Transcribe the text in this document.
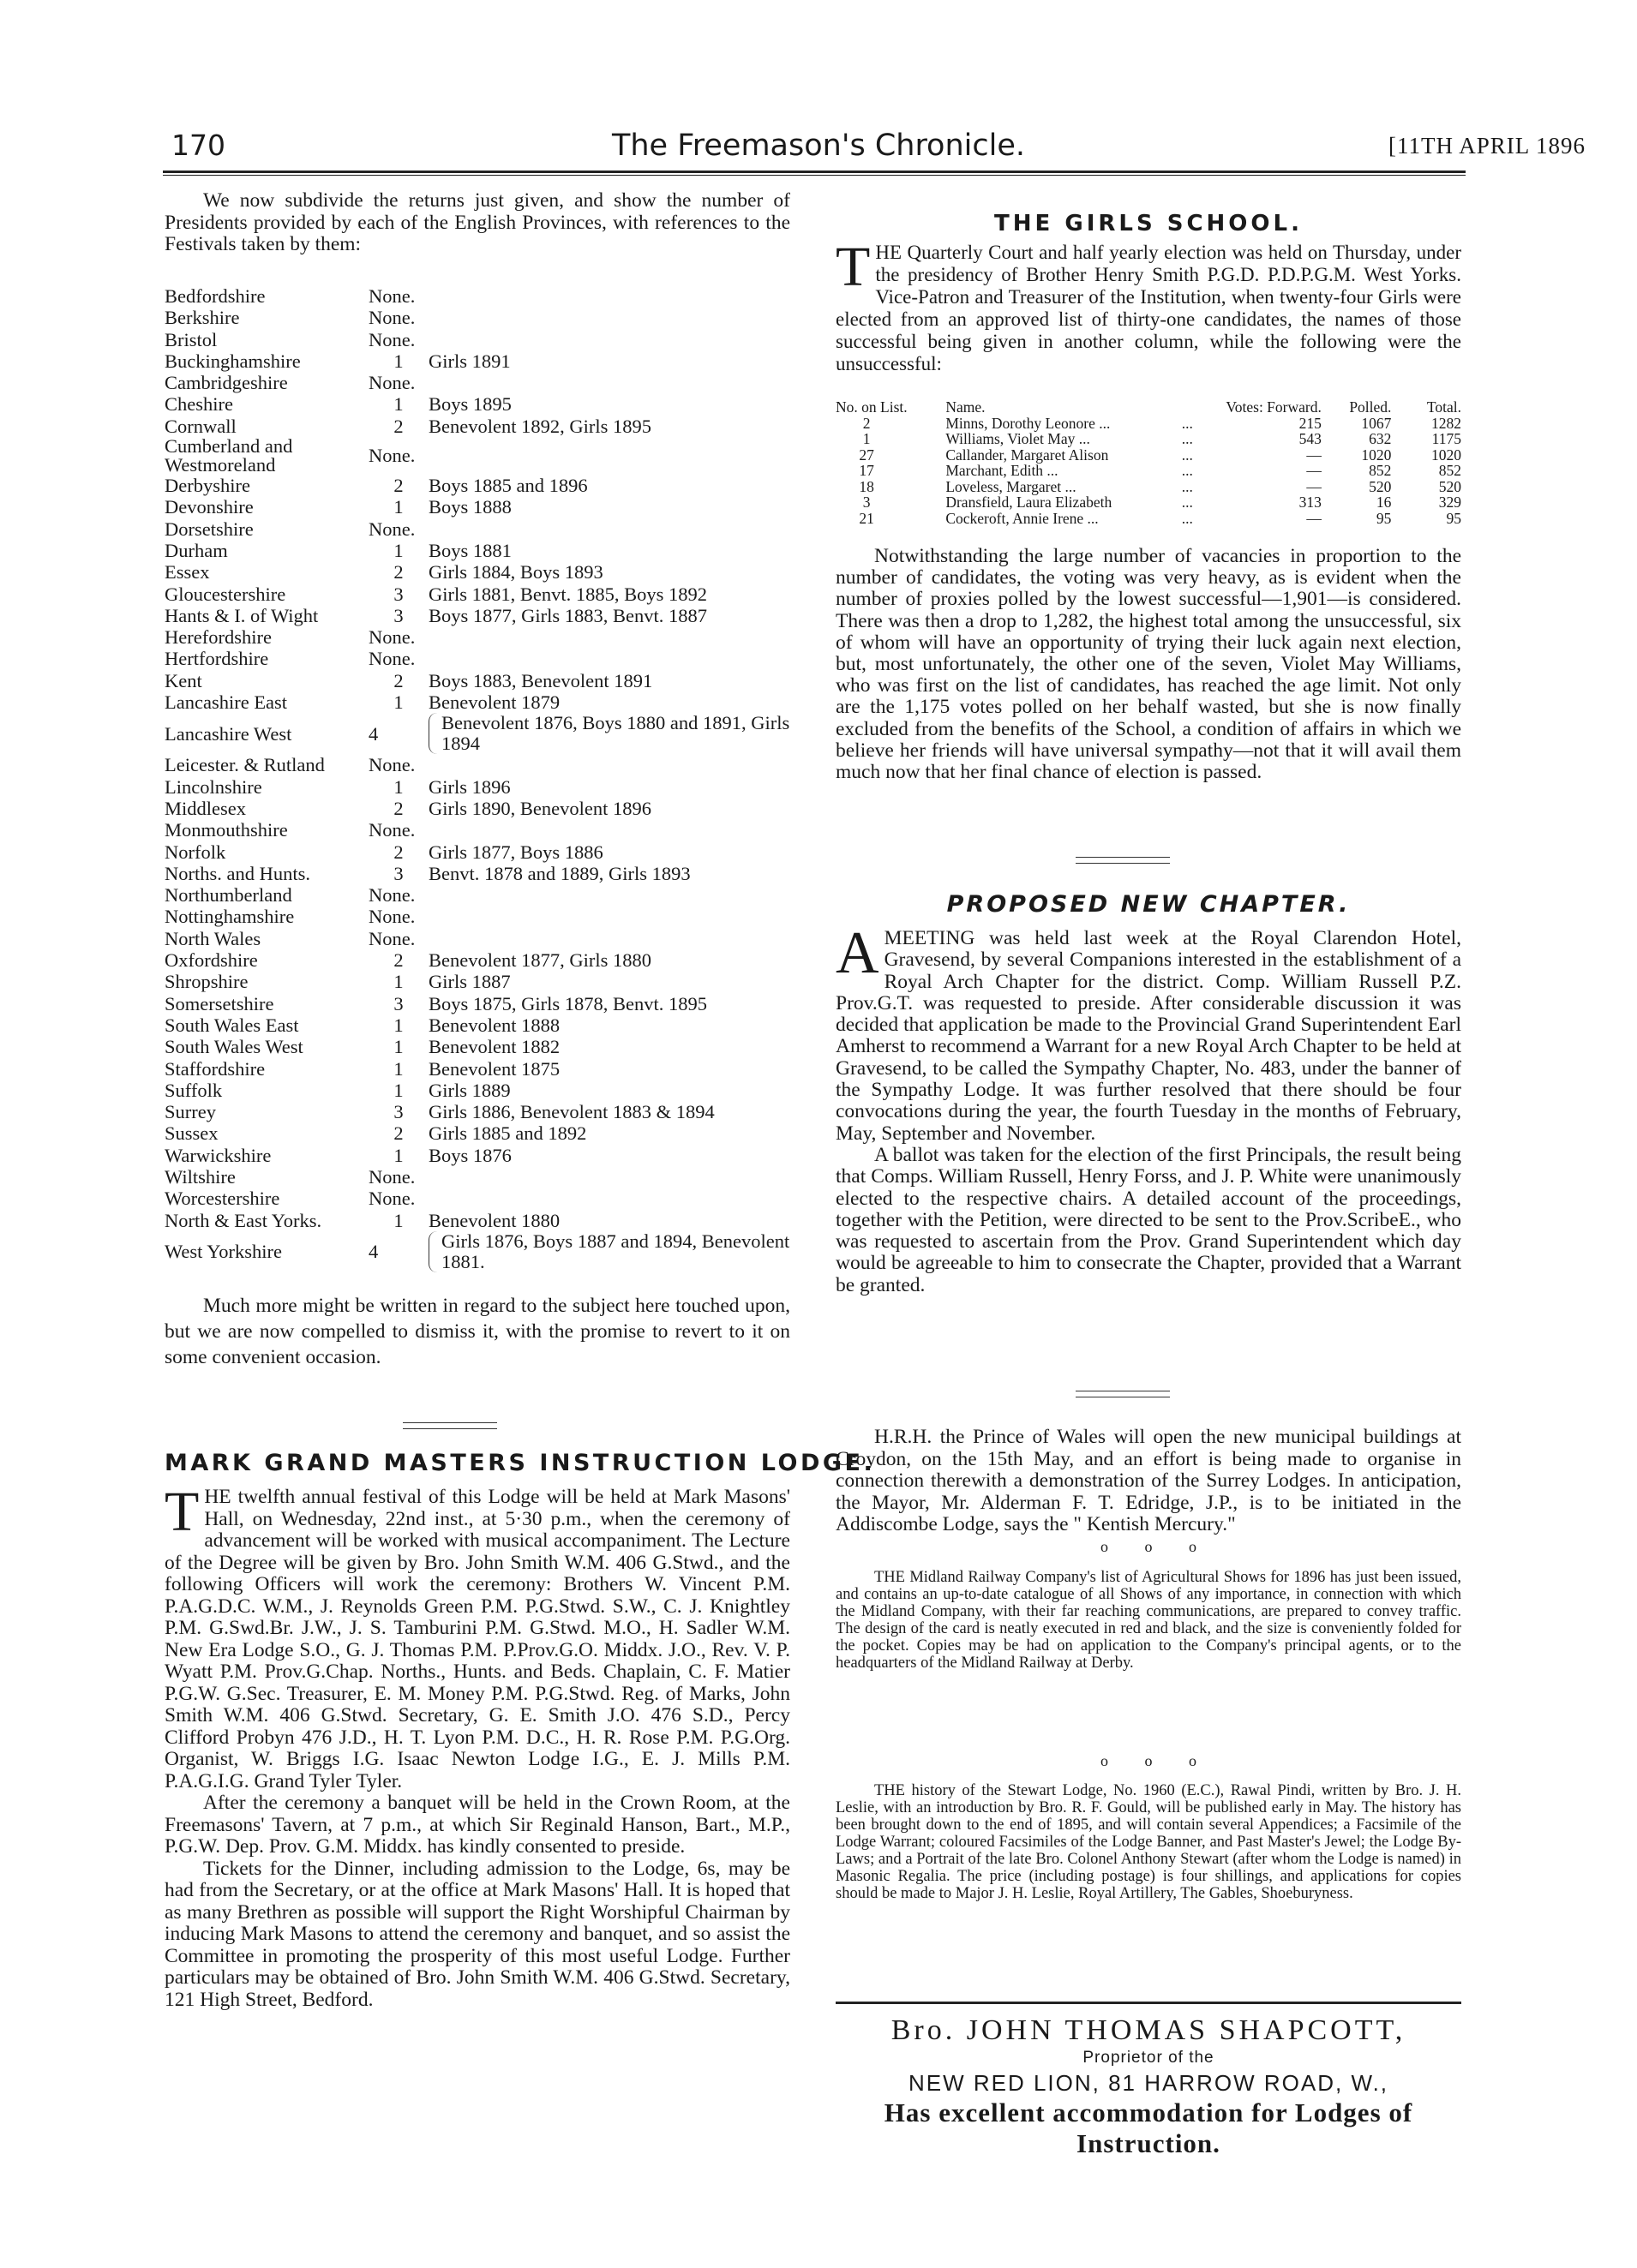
170	The Freemason's Chronicle.	[11TH APRIL 1896
We now subdivide the returns just given, and show the number of Presidents provided by each of the English Provinces, with references to the Festivals taken by them:
Bedfordshire	None.
Berkshire	None.
Bristol	None.
Buckinghamshire	1	Girls 1891
Cambridgeshire	None.
Cheshire	1	Boys 1895
Cornwall	2	Benevolent 1892, Girls 1895
Cumberland and Westmoreland	None.
Derbyshire	2	Boys 1885 and 1896
Devonshire	1	Boys 1888
Dorsetshire	None.
Durham	1	Boys 1881
Essex	2	Girls 1884, Boys 1893
Gloucestershire	3	Girls 1881, Benvt. 1885, Boys 1892
Hants & I. of Wight	3	Boys 1877, Girls 1883, Benvt. 1887
Herefordshire	None.
Hertfordshire	None.
Kent	2	Boys 1883, Benevolent 1891
Lancashire East	1	Benevolent 1879
Lancashire West	4	Benevolent 1876, Boys 1880 and 1891, Girls 1894
Leicester. & Rutland	None.
Lincolnshire	1	Girls 1896
Middlesex	2	Girls 1890, Benevolent 1896
Monmouthshire	None.
Norfolk	2	Girls 1877, Boys 1886
Norths. and Hunts.	3	Benvt. 1878 and 1889, Girls 1893
Northumberland	None.
Nottinghamshire	None.
North Wales	None.
Oxfordshire	2	Benevolent 1877, Girls 1880
Shropshire	1	Girls 1887
Somersetshire	3	Boys 1875, Girls 1878, Benvt. 1895
South Wales East	1	Benevolent 1888
South Wales West	1	Benevolent 1882
Staffordshire	1	Benevolent 1875
Suffolk	1	Girls 1889
Surrey	3	Girls 1886, Benevolent 1883 & 1894
Sussex	2	Girls 1885 and 1892
Warwickshire	1	Boys 1876
Wiltshire	None.
Worcestershire	None.
North & East Yorks.	1	Benevolent 1880
West Yorkshire	4	Girls 1876, Boys 1887 and 1894, Benevolent 1881.
Much more might be written in regard to the subject here touched upon, but we are now compelled to dismiss it, with the promise to revert to it on some convenient occasion.
MARK GRAND MASTERS INSTRUCTION LODGE.
T HE twelfth annual festival of this Lodge will be held at Mark Masons' Hall, on Wednesday, 22nd inst., at 5·30 p.m., when the ceremony of advancement will be worked with musical accompaniment. The Lecture of the Degree will be given by Bro. John Smith W.M. 406 G.Stwd., and the following Officers will work the ceremony: Brothers W. Vincent P.M. P.A.G.D.C. W.M., J. Reynolds Green P.M. P.G.Stwd. S.W., C. J. Knightley P.M. G.Swd.Br. J.W., J. S. Tamburini P.M. G.Stwd. M.O., H. Sadler W.M. New Era Lodge S.O., G. J. Thomas P.M. P.Prov.G.O. Middx. J.O., Rev. V. P. Wyatt P.M. Prov.G.Chap. Norths., Hunts. and Beds. Chaplain, C. F. Matier P.G.W. G.Sec. Treasurer, E. M. Money P.M. P.G.Stwd. Reg. of Marks, John Smith W.M. 406 G.Stwd. Secretary, G. E. Smith J.O. 476 S.D., Percy Clifford Probyn 476 J.D., H. T. Lyon P.M. D.C., H. R. Rose P.M. P.G.Org. Organist, W. Briggs I.G. Isaac Newton Lodge I.G., E. J. Mills P.M. P.A.G.I.G. Grand Tyler Tyler.
After the ceremony a banquet will be held in the Crown Room, at the Freemasons' Tavern, at 7 p.m., at which Sir Reginald Hanson, Bart., M.P., P.G.W. Dep. Prov. G.M. Middx. has kindly consented to preside.
Tickets for the Dinner, including admission to the Lodge, 6s, may be had from the Secretary, or at the office at Mark Masons' Hall. It is hoped that as many Brethren as possible will support the Right Worshipful Chairman by inducing Mark Masons to attend the ceremony and banquet, and so assist the Committee in promoting the prosperity of this most useful Lodge. Further particulars may be obtained of Bro. John Smith W.M. 406 G.Stwd. Secretary, 121 High Street, Bedford.
THE GIRLS SCHOOL.
T HE Quarterly Court and half yearly election was held on Thursday, under the presidency of Brother Henry Smith P.G.D. P.D.P.G.M. West Yorks. Vice-Patron and Treasurer of the Institution, when twenty-four Girls were elected from an approved list of thirty-one candidates, the names of those successful being given in another column, while the following were the unsuccessful:
No. on List.	Name.		Votes: Forward.	Polled.	Total.
2	Minns, Dorothy Leonore ...	...	215	1067	1282
1	Williams, Violet May ...	...	543	632	1175
27	Callander, Margaret Alison	...	—	1020	1020
17	Marchant, Edith ...	...	—	852	852
18	Loveless, Margaret ...	...	—	520	520
3	Dransfield, Laura Elizabeth	...	313	16	329
21	Cockeroft, Annie Irene ...	...	—	95	95
Notwithstanding the large number of vacancies in proportion to the number of candidates, the voting was very heavy, as is evident when the number of proxies polled by the lowest successful—1,901—is considered. There was then a drop to 1,282, the highest total among the unsuccessful, six of whom will have an opportunity of trying their luck again next election, but, most unfortunately, the other one of the seven, Violet May Williams, who was first on the list of candidates, has reached the age limit. Not only are the 1,175 votes polled on her behalf wasted, but she is now finally excluded from the benefits of the School, a condition of affairs in which we believe her friends will have universal sympathy—not that it will avail them much now that her final chance of election is passed.
PROPOSED NEW CHAPTER.
A MEETING was held last week at the Royal Clarendon Hotel, Gravesend, by several Companions interested in the establishment of a Royal Arch Chapter for the district. Comp. William Russell P.Z. Prov.G.T. was requested to preside. After considerable discussion it was decided that application be made to the Provincial Grand Superintendent Earl Amherst to recommend a Warrant for a new Royal Arch Chapter to be held at Gravesend, to be called the Sympathy Chapter, No. 483, under the banner of the Sympathy Lodge. It was further resolved that there should be four convocations during the year, the fourth Tuesday in the months of February, May, September and November.
A ballot was taken for the election of the first Principals, the result being that Comps. William Russell, Henry Forss, and J. P. White were unanimously elected to the respective chairs. A detailed account of the proceedings, together with the Petition, were directed to be sent to the Prov.ScribeE., who was requested to ascertain from the Prov. Grand Superintendent which day would be agreeable to him to consecrate the Chapter, provided that a Warrant be granted.
H.R.H. the Prince of Wales will open the new municipal buildings at Croydon, on the 15th May, and an effort is being made to organise in connection therewith a demonstration of the Surrey Lodges. In anticipation, the Mayor, Mr. Alderman F. T. Edridge, J.P., is to be initiated in the Addiscombe Lodge, says the " Kentish Mercury."
o o o
THE Midland Railway Company's list of Agricultural Shows for 1896 has just been issued, and contains an up-to-date catalogue of all Shows of any importance, in connection with which the Midland Company, with their far reaching communications, are prepared to convey traffic. The design of the card is neatly executed in red and black, and the size is conveniently folded for the pocket. Copies may be had on application to the Company's principal agents, or to the headquarters of the Midland Railway at Derby.
o o o
THE history of the Stewart Lodge, No. 1960 (E.C.), Rawal Pindi, written by Bro. J. H. Leslie, with an introduction by Bro. R. F. Gould, will be published early in May. The history has been brought down to the end of 1895, and will contain several Appendices; a Facsimile of the Lodge Warrant; coloured Facsimiles of the Lodge Banner, and Past Master's Jewel; the Lodge By-Laws; and a Portrait of the late Bro. Colonel Anthony Stewart (after whom the Lodge is named) in Masonic Regalia. The price (including postage) is four shillings, and applications for copies should be made to Major J. H. Leslie, Royal Artillery, The Gables, Shoeburyness.
Bro. JOHN THOMAS SHAPCOTT,
Proprietor of the
NEW RED LION, 81 HARROW ROAD, W.,
Has excellent accommodation for Lodges of
Instruction.
